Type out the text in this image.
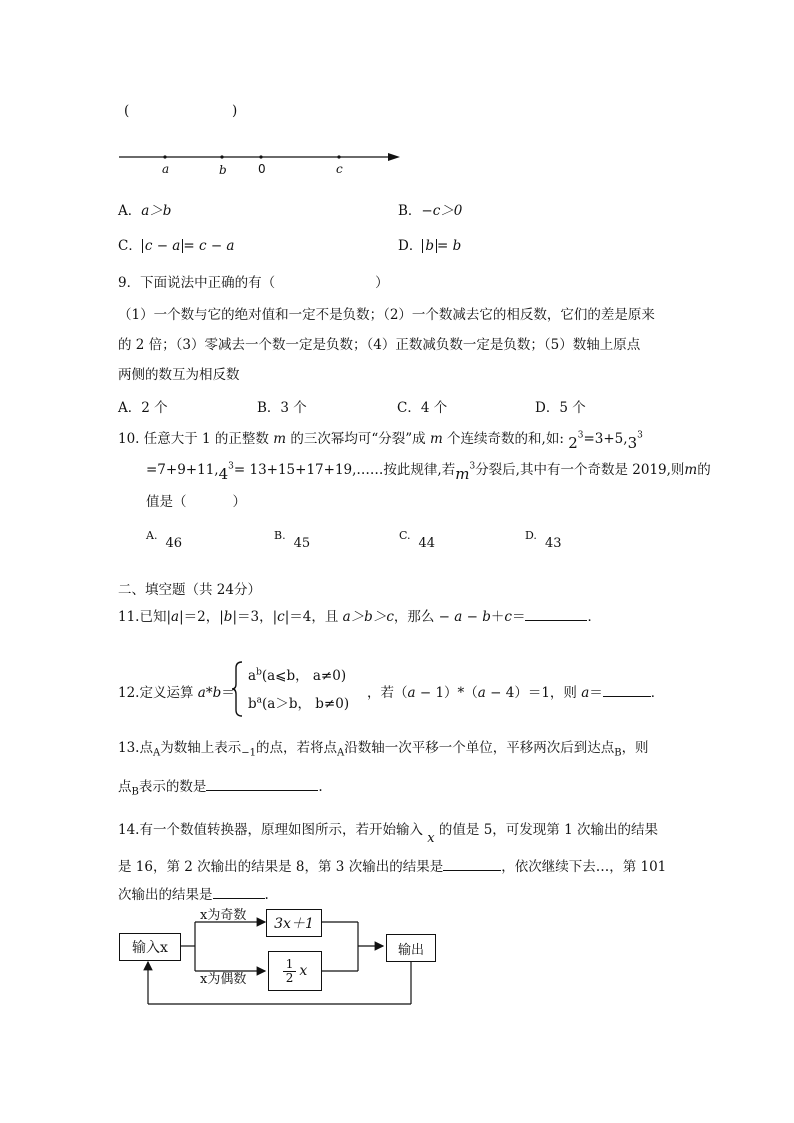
(	)
a	b	0	c
A．a＞b	B．−c＞0
C． c − a = c − a	D． b = b
9．下面说法中正确的有（	）
（1）一个数与它的绝对值和一定不是负数；（2）一个数减去它的相反数，它们的差是原来
的 2 倍；（3）零减去一个数一定是负数；（4）正数减负数一定是负数；（5）数轴上原点
两侧的数互为相反数
A．2 个	B．3 个	C．4 个	D．5 个
10. 任意大于 1 的正整数 m 的三次幂均可“分裂”成 m 个连续奇数的和,如: $2^3=3+5,3^3$
$=7+9+11,4^3=$ 13+15+17+19,……按此规律,若$m^3$分裂后,其中有一个奇数是 2019,则m的
值是（	）
A.46
B.45
C.44
D.43
二、填空题（共 24分）
11.已知|a|＝2，|b|＝3，|c|＝4，且 a＞b＞c，那么 − a − b＋c＝	．
12.定义运算 a*b＝
$a^b(a⩽b$， a≠0)
$b^a(a>b$， b≠0)
，若（a − 1）*（a − 4）＝1，则 a＝	．
13.点$_A$为数轴上表示$_{-1}$的点，若将点$_A$沿数轴一次平移一个单位，平移两次后到达点$_B$，则
点$_B$表示的数是	.
14.有一个数值转换器，原理如图所示，若开始输入 x 的值是 5，可发现第 1 次输出的结果
是 16，第 2 次输出的结果是 8，第 3 次输出的结果是	，依次继续下去…，第 101
次输出的结果是	.
输入x
x为奇数
x为偶数
3x＋1
1
2 x
输出
